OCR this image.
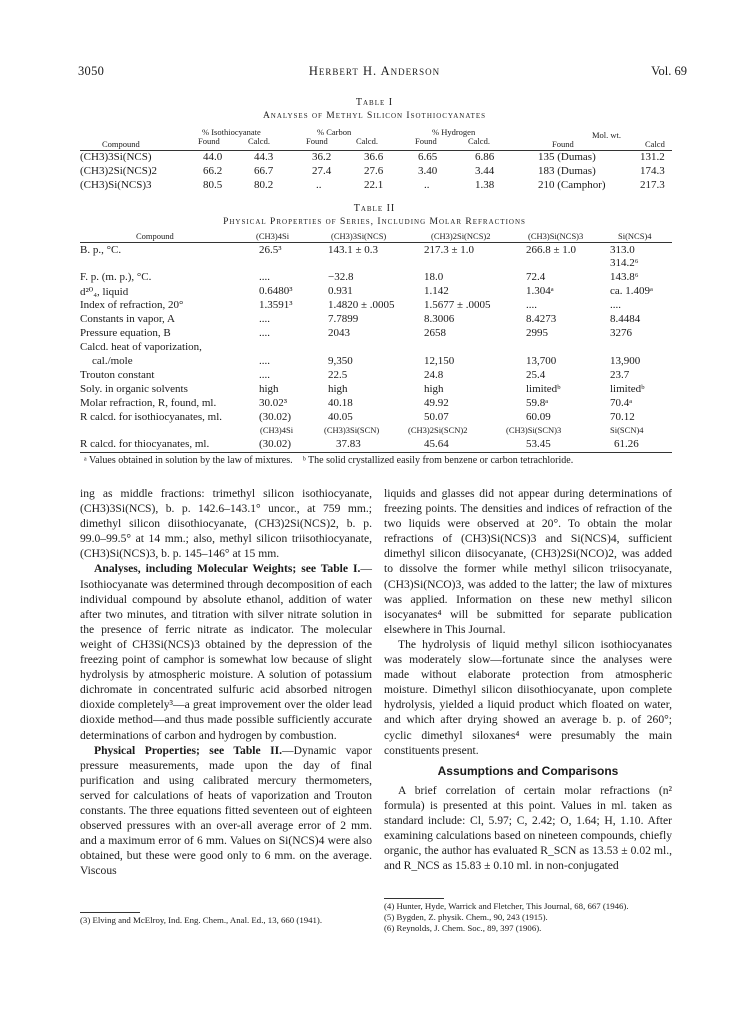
3050	Herbert H. Anderson	Vol. 69
Table I
Analyses of Methyl Silicon Isothiocyanates
% Isothiocyanate	% Carbon	% Hydrogen	Mol. wt.
Compound	Found	Calcd.	Found	Calcd.	Found	Calcd.	Found	Calcd
(CH3)3Si(NCS)	44.0	44.3	36.2	36.6	6.65	6.86	135 (Dumas)	131.2
(CH3)2Si(NCS)2	66.2	66.7	27.4	27.6	3.40	3.44	183 (Dumas)	174.3
(CH3)Si(NCS)3	80.5	80.2	..	22.1	..	1.38	210 (Camphor)	217.3
Table II
Physical Properties of Series, Including Molar Refractions
Compound	(CH3)4Si	(CH3)3Si(NCS)	(CH3)2Si(NCS)2	(CH3)Si(NCS)3	Si(NCS)4
B. p., °C.	26.5³	143.1 ± 0.3	217.3 ± 1.0	266.8 ± 1.0	313.0
314.2⁶
F. p. (m. p.), °C.	....	−32.8	18.0	72.4	143.8⁶
d²⁰₄, liquid	0.6480³	0.931	1.142	1.304ᵃ	ca. 1.409ᵃ
Index of refraction, 20°	1.3591³	1.4820 ± .0005	1.5677 ± .0005	....	....
Constants in vapor, A	....	7.7899	8.3006	8.4273	8.4484
Pressure equation, B	....	2043	2658	2995	3276
Calcd. heat of vaporization,
cal./mole	....	9,350	12,150	13,700	13,900
Trouton constant	....	22.5	24.8	25.4	23.7
Soly. in organic solvents	high	high	high	limitedᵇ	limitedᵇ
Molar refraction, R, found, ml.	30.02³	40.18	49.92	59.8ᵃ	70.4ᵃ
R calcd. for isothiocyanates, ml.	(30.02)	40.05	50.07	60.09	70.12
(CH3)4Si	(CH3)3Si(SCN)	(CH3)2Si(SCN)2	(CH3)Si(SCN)3	Si(SCN)4
R calcd. for thiocyanates, ml.	(30.02)	37.83	45.64	53.45	61.26
ᵃ Values obtained in solution by the law of mixtures. ᵇ The solid crystallized easily from benzene or carbon tetrachloride.

ing as middle fractions: trimethyl silicon isothiocyanate, (CH3)3Si(NCS), b. p. 142.6–143.1° uncor., at 759 mm.; dimethyl silicon diisothiocyanate, (CH3)2Si(NCS)2, b. p. 99.0–99.5° at 14 mm.; also, methyl silicon triisothiocyanate, (CH3)Si(NCS)3, b. p. 145–146° at 15 mm.

Analyses, including Molecular Weights; see Table I.—Isothiocyanate was determined through decomposition of each individual compound by absolute ethanol, addition of water after two minutes, and titration with silver nitrate solution in the presence of ferric nitrate as indicator. The molecular weight of CH3Si(NCS)3 obtained by the depression of the freezing point of camphor is somewhat low because of slight hydrolysis by atmospheric moisture. A solution of potassium dichromate in concentrated sulfuric acid absorbed nitrogen dioxide completely³—a great improvement over the older lead dioxide method—and thus made possible sufficiently accurate determinations of carbon and hydrogen by combustion.

Physical Properties; see Table II.—Dynamic vapor pressure measurements, made upon the day of final purification and using calibrated mercury thermometers, served for calculations of heats of vaporization and Trouton constants. The three equations fitted seventeen out of eighteen observed pressures with an over-all average error of 2 mm. and a maximum error of 6 mm. Values on Si(NCS)4 were also obtained, but these were good only to 6 mm. on the average. Viscous

(3) Elving and McElroy, Ind. Eng. Chem., Anal. Ed., 13, 660 (1941).

liquids and glasses did not appear during determinations of freezing points. The densities and indices of refraction of the two liquids were observed at 20°. To obtain the molar refractions of (CH3)Si(NCS)3 and Si(NCS)4, sufficient dimethyl silicon diisocyanate, (CH3)2Si(NCO)2, was added to dissolve the former while methyl silicon triisocyanate, (CH3)Si(NCO)3, was added to the latter; the law of mixtures was applied. Information on these new methyl silicon isocyanates⁴ will be submitted for separate publication elsewhere in This Journal.

The hydrolysis of liquid methyl silicon isothiocyanates was moderately slow—fortunate since the analyses were made without elaborate protection from atmospheric moisture. Dimethyl silicon diisothiocyanate, upon complete hydrolysis, yielded a liquid product which floated on water, and which after drying showed an average b. p. of 260°; cyclic dimethyl siloxanes⁴ were presumably the main constituents present.

Assumptions and Comparisons

A brief correlation of certain molar refractions (n² formula) is presented at this point. Values in ml. taken as standard include: Cl, 5.97; C, 2.42; O, 1.64; H, 1.10. After examining calculations based on nineteen compounds, chiefly organic, the author has evaluated R_SCN as 13.53 ± 0.02 ml., and R_NCS as 15.83 ± 0.10 ml. in non-conjugated

(4) Hunter, Hyde, Warrick and Fletcher, This Journal, 68, 667 (1946).
(5) Bygden, Z. physik. Chem., 90, 243 (1915).
(6) Reynolds, J. Chem. Soc., 89, 397 (1906).
